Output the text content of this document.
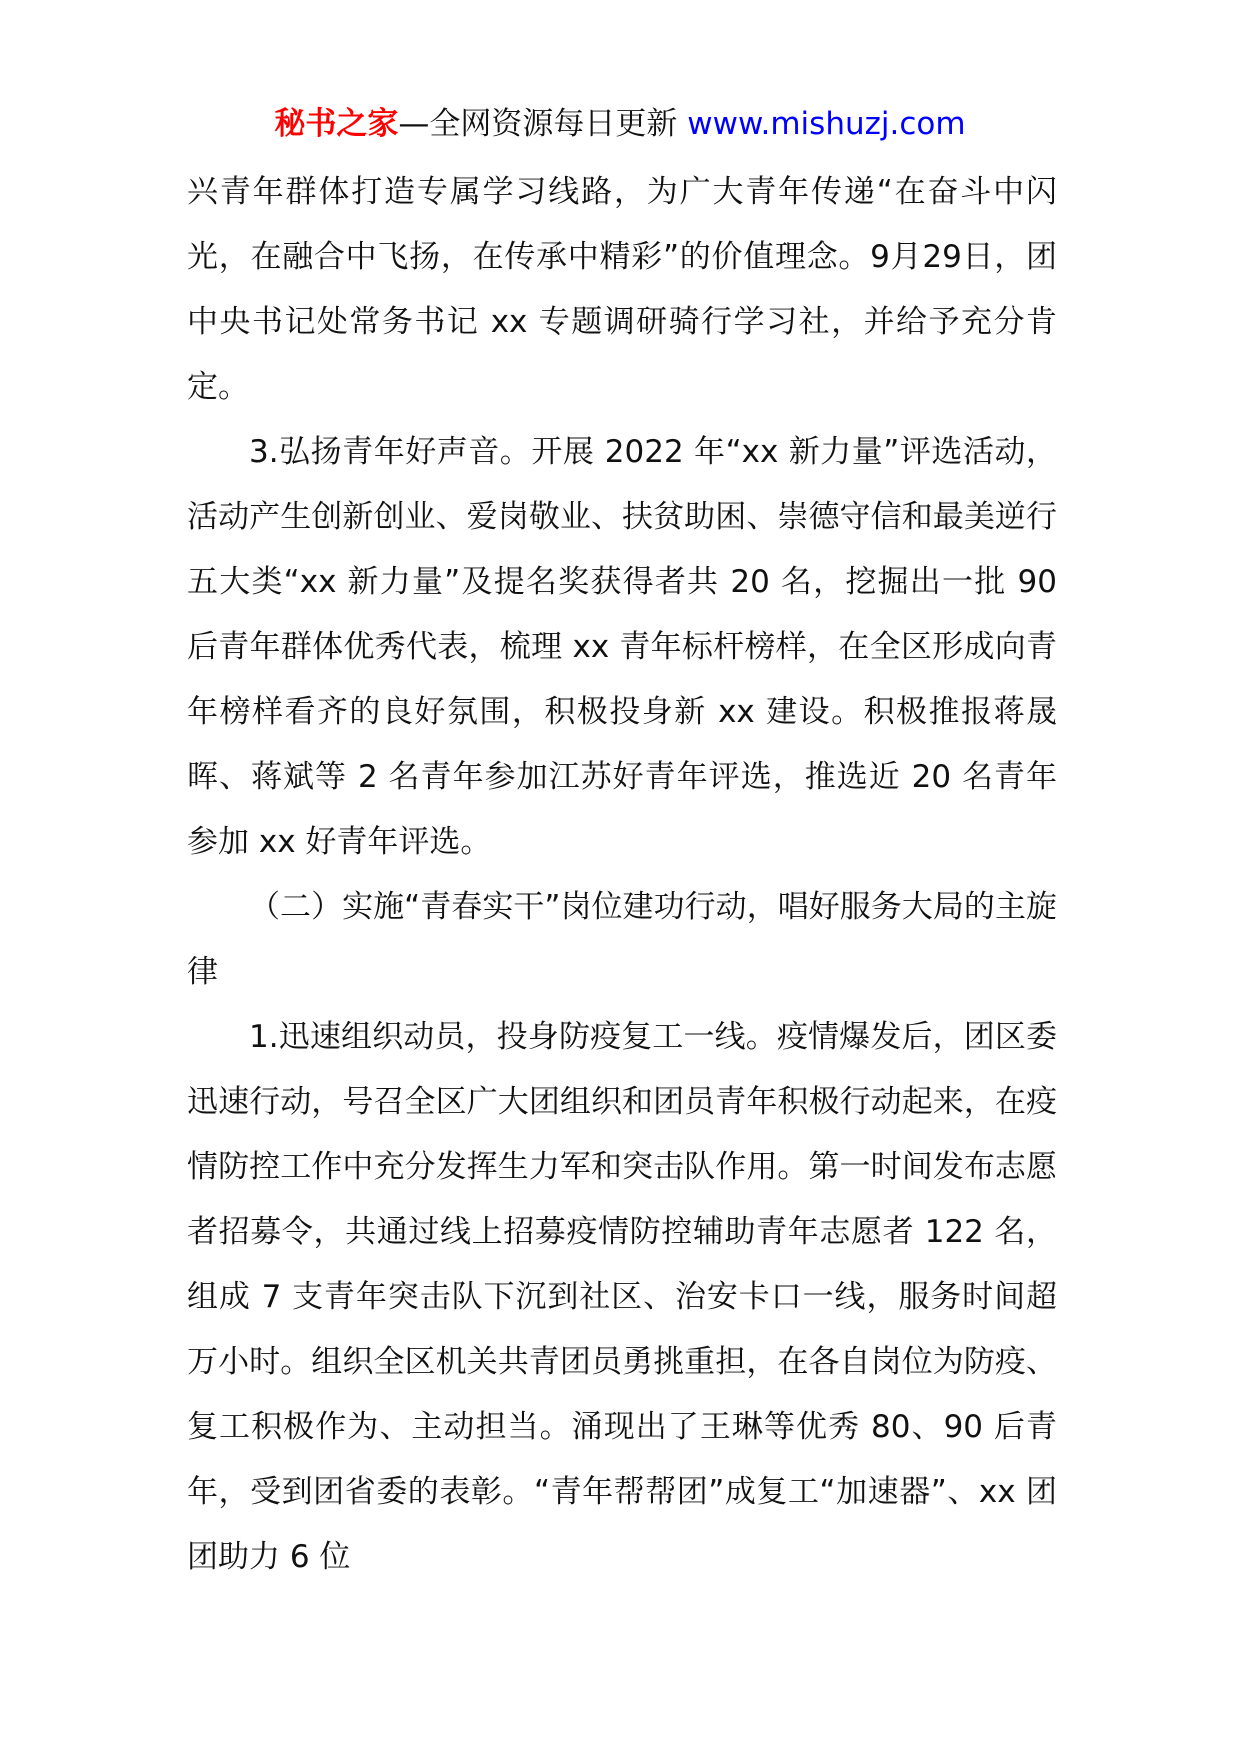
秘书之家—全网资源每日更新 www.mishuzj.com

兴青年群体打造专属学习线路，为广大青年传递“在奋斗中闪光，在融合中飞扬，在传承中精彩”的价值理念。9月29日，团中央书记处常务书记 xx 专题调研骑行学习社，并给予充分肯定。

3.弘扬青年好声音。开展 2022 年“xx 新力量”评选活动，活动产生创新创业、爱岗敬业、扶贫助困、崇德守信和最美逆行五大类“xx 新力量”及提名奖获得者共 20 名，挖掘出一批 90 后青年群体优秀代表，梳理 xx 青年标杆榜样，在全区形成向青年榜样看齐的良好氛围，积极投身新 xx 建设。积极推报蒋晟晖、蒋斌等 2 名青年参加江苏好青年评选，推选近 20 名青年参加 xx 好青年评选。

（二）实施“青春实干”岗位建功行动，唱好服务大局的主旋律

1.迅速组织动员，投身防疫复工一线。疫情爆发后，团区委迅速行动，号召全区广大团组织和团员青年积极行动起来，在疫情防控工作中充分发挥生力军和突击队作用。第一时间发布志愿者招募令，共通过线上招募疫情防控辅助青年志愿者 122 名，组成 7 支青年突击队下沉到社区、治安卡口一线，服务时间超万小时。组织全区机关共青团员勇挑重担，在各自岗位为防疫、复工积极作为、主动担当。涌现出了王琳等优秀 80、90 后青年，受到团省委的表彰。“青年帮帮团”成复工“加速器”、xx 团团助力 6 位
